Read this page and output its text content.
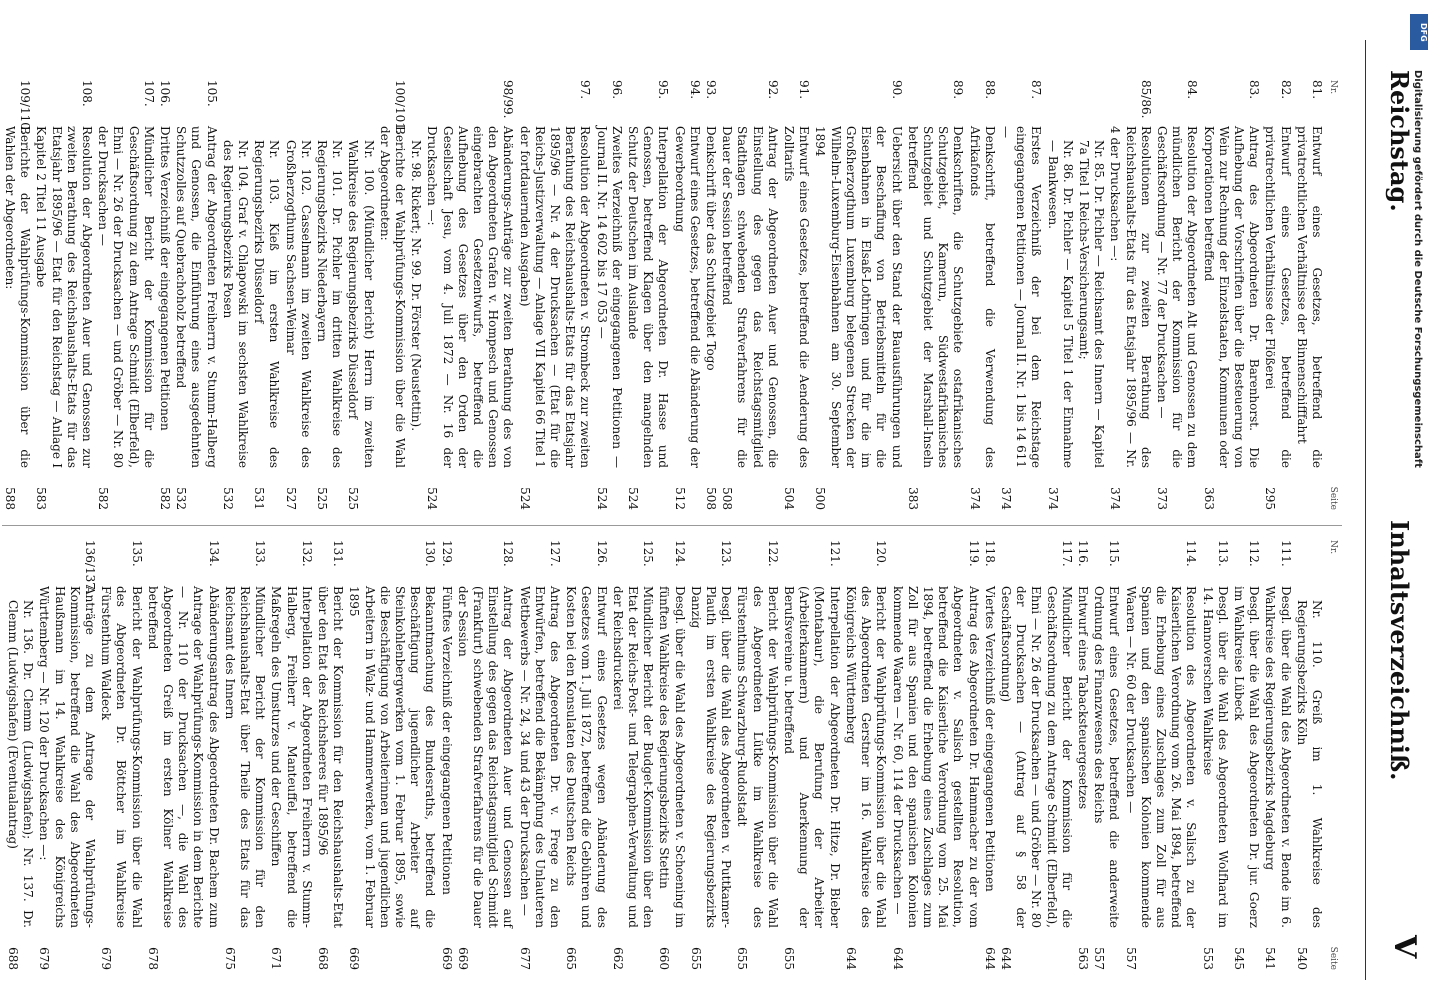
Reichstag.
Inhaltsverzeichniß.
V
Nr.
Seite
81.
Entwurf eines Gesetzes, betreffend die privatrechtlichen Verhältnisse der Binnenschifffahrt
82.
Entwurf eines Gesetzes, betreffend die privatrechtlichen Verhältnisse der Flößerei
295
83.
Antrag des Abgeordneten Dr. Barenhorst. Die Aufhebung der Vorschriften über die Besteuerung von Wein zur Rechnung der Einzelstaaten, Kommunen oder Korporationen betreffend
363
84.
Resolution der Abgeordneten Alt und Genossen zu dem mündlichen Bericht der Kommission für die Geschäftsordnung — Nr. 77 der Drucksachen —
373
85/86.
Resolutionen zur zweiten Berathung des Reichshaushalts-Etats für das Etatsjahr 1895/96 — Nr. 4 der Drucksachen —:
374
Nr. 85. Dr. Pichler — Reichsamt des Innern — Kapitel 7a Titel 1 Reichs-Versicherungsamt;
Nr. 86. Dr. Pichler — Kapitel 5 Titel 1 der Einnahme — Bankwesen.
374
87.
Erstes Verzeichniß der bei dem Reichstage eingegangenen Petitionen — Journal II. Nr. 1 bis 14 611 —
374
88.
Denkschrift, betreffend die Verwendung des Afrikafonds
374
89.
Denkschriften, die Schutzgebiete ostafrikanisches Schutzgebiet, Kamerun, Südwestafrikanisches Schutzgebiet und Schutzgebiet der Marshall-Inseln betreffend
383
90.
Uebersicht über den Stand der Bauausführungen und der Beschaffung von Betriebsmitteln für die Eisenbahnen in Elsaß-Lothringen und für die im Großherzogthum Luxemburg belegenen Strecken der Wilhelm-Luxemburg-Eisenbahnen am 30. September 1894
500
91.
Entwurf eines Gesetzes, betreffend die Aenderung des Zolltarifs
504
92.
Antrag der Abgeordneten Auer und Genossen, die Einstellung des gegen das Reichstagsmitglied Stadthagen schwebenden Strafverfahrens für die Dauer der Session betreffend
508
93.
Denkschrift über das Schutzgebiet Togo
508
94.
Entwurf eines Gesetzes, betreffend die Abänderung der Gewerbeordnung
512
95.
Interpellation der Abgeordneten Dr. Hasse und Genossen, betreffend Klagen über den mangelnden Schutz der Deutschen im Auslande
524
96.
Zweites Verzeichniß der eingegangenen Petitionen — Journal II. Nr. 14 602 bis 17 053 —
524
97.
Resolution der Abgeordneten v. Strombeck zur zweiten Berathung des Reichshaushalts-Etats für das Etatsjahr 1895/96 — Nr. 4 der Drucksachen — (Etat für die Reichs-Justizverwaltung — Anlage VII Kapitel 66 Titel 1 der fortdauernden Ausgaben)
524
98/99.
Abänderungs-Anträge zur zweiten Berathung des von den Abgeordneten Grafen v. Hompesch und Genossen eingebrachten Gesetzentwurfs, betreffend die Aufhebung des Gesetzes über den Orden der Gesellschaft Jesu, vom 4. Juli 1872 — Nr. 16 der Drucksachen —:
524
Nr. 98. Rickert; Nr. 99. Dr. Förster (Neustettin).
100/101.
Berichte der Wahlprüfungs-Kommission über die Wahl der Abgeordneten:
Nr. 100. (Mündlicher Bericht) Herrn im zweiten Wahlkreise des Regierungsbezirks Düsseldorf
525
Nr. 101. Dr. Pichler im dritten Wahlkreise des Regierungsbezirks Niederbayern
525
Nr. 102. Casselmann im zweiten Wahlkreise des Großherzogthums Sachsen-Weimar
527
Nr. 103. Kieß im ersten Wahlkreise des Regierungsbezirks Düsseldorf
531
Nr. 104. Graf v. Chlapowski im sechsten Wahlkreise des Regierungsbezirks Posen
532
105.
Antrag der Abgeordneten Freiherrn v. Stumm-Halberg und Genossen, die Einführung eines ausgedehnten Schutzzolles auf Quebrachoholz betreffend
532
106.
Drittes Verzeichniß der eingegangenen Petitionen
582
107.
Mündlicher Bericht der Kommission für die Geschäftsordnung zu dem Antrage Schmidt (Elberfeld), Ehni — Nr. 26 der Drucksachen — und Gröber — Nr. 80 der Drucksachen —
582
108.
Resolution der Abgeordneten Auer und Genossen zur zweiten Berathung des Reichshaushalts-Etats für das Etatsjahr 1895/96 — Etat für den Reichstag — Anlage I Kapitel 2 Titel 11 Ausgabe
583
109/110.
Berichte der Wahlprüfungs-Kommission über die Wahlen der Abgeordneten:
588
Nr.
Seite
Nr. 110. Greiß im 1. Wahlkreise des Regierungsbezirks Köln
540
111.
Desgl. über die Wahl des Abgeordneten v. Bende im 6. Wahlkreise des Regierungsbezirks Magdeburg
541
112.
Desgl. über die Wahl des Abgeordneten Dr. jur. Goerz im Wahlkreise Lübeck
545
113.
Desgl. über die Wahl des Abgeordneten Wolfhard im 14. Hannoverschen Wahlkreise
553
114.
Resolution des Abgeordneten v. Salisch zu der Kaiserlichen Verordnung vom 26. Mai 1894, betreffend die Erhebung eines Zuschlages zum Zoll für aus Spanien und den spanischen Kolonien kommende Waaren — Nr. 60 der Drucksachen —
557
115.
Entwurf eines Gesetzes, betreffend die anderweite Ordnung des Finanzwesens des Reichs
557
116.
Entwurf eines Tabacksteuergesetzes
563
117.
Mündlicher Bericht der Kommission für die Geschäftsordnung zu dem Antrage Schmidt (Elberfeld), Ehni — Nr. 26 der Drucksachen — und Gröber — Nr. 80 der Drucksachen — (Antrag auf § 58 der Geschäftsordnung)
644
118.
Viertes Verzeichniß der eingegangenen Petitionen
644
119.
Antrag des Abgeordneten Dr. Hammacher zu der vom Abgeordneten v. Salisch gestellten Resolution, betreffend die Kaiserliche Verordnung vom 25. Mai 1894, betreffend die Erhebung eines Zuschlages zum Zoll für aus Spanien und den spanischen Kolonien kommende Waaren — Nr. 60, 114 der Drucksachen —
644
120.
Bericht der Wahlprüfungs-Kommission über die Wahl des Abgeordneten Gerstner im 16. Wahlkreise des Königreichs Württemberg
644
121.
Interpellation der Abgeordneten Dr. Hitze, Dr. Bieber (Montabaur), die Berufung der Arbeiter (Arbeiterkammern) und Anerkennung der Berufsvereine u. betreffend
655
122.
Bericht der Wahlprüfungs-Kommission über die Wahl des Abgeordneten Lütke im Wahlkreise des Fürstenthums Schwarzburg-Rudolstadt
655
123.
Desgl. über die Wahl des Abgeordneten v. Puttkamer-Plauth im ersten Wahlkreise des Regierungsbezirks Danzig
655
124.
Desgl. über die Wahl des Abgeordneten v. Schoening im fünften Wahlkreise des Regierungsbezirks Stettin
660
125.
Mündlicher Bericht der Budget-Kommission über den Etat der Reichs-Post- und Telegraphen-Verwaltung und der Reichsdruckerei
662
126.
Entwurf eines Gesetzes wegen Abänderung des Gesetzes vom 1. Juli 1872, betreffend die Gebühren und Kosten bei den Konsulaten des Deutschen Reichs
665
127.
Antrag des Abgeordneten Dr. v. Frege zu den Entwürfen, betreffend die Bekämpfung des Unlauteren Wettbewerbs — Nr. 24, 34 und 43 der Drucksachen —
677
128.
Antrag der Abgeordneten Auer und Genossen auf Einstellung des gegen das Reichstagsmitglied Schmidt (Frankfurt) schwebenden Strafverfahrens für die Dauer der Session
669
129.
Fünftes Verzeichniß der eingegangenen Petitionen
669
130.
Bekanntmachung des Bundesraths, betreffend die Beschäftigung jugendlicher Arbeiter auf Steinkohlenbergwerken vom 1. Februar 1895, sowie die Beschäftigung von Arbeiterinnen und jugendlichen Arbeitern in Walz- und Hammerwerken, vom 1. Februar 1895
669
131.
Bericht der Kommission für den Reichshaushalts-Etat über den Etat des Reichsheeres für 1895/96
668
132.
Interpellation der Abgeordneten Freiherrn v. Stumm-Halberg, Freiherr v. Manteuffel, betreffend die Maßregeln des Umsturzes und der Geschiffen
671
133.
Mündlicher Bericht der Kommission für den Reichshaushalts-Etat über Theile des Etats für das Reichsamt des Innern
675
134.
Abänderungsantrag des Abgeordneten Dr. Bachem zum Antrage der Wahlprüfungs-Kommission in dem Berichte — Nr. 110 der Drucksachen —, die Wahl des Abgeordneten Greiß im ersten Kölner Wahlkreise betreffend
678
135.
Bericht der Wahlprüfungs-Kommission über die Wahl des Abgeordneten Dr. Böttcher im Wahlkreise Fürstenthum Waldeck
679
136/137.
Anträge zu dem Antrage der Wahlprüfungs-Kommission, betreffend die Wahl des Abgeordneten Haußmann im 14. Wahlkreise des Königreichs Württemberg — Nr. 120 der Drucksachen —:
679
Nr. 136. Dr. Clemm (Ludwigshafen); Nr. 137. Dr. Clemm (Ludwigshafen) (Eventualantrag)
688
DFG
Digitalisierung gefördert durch die Deutsche Forschungsgemeinschaft
